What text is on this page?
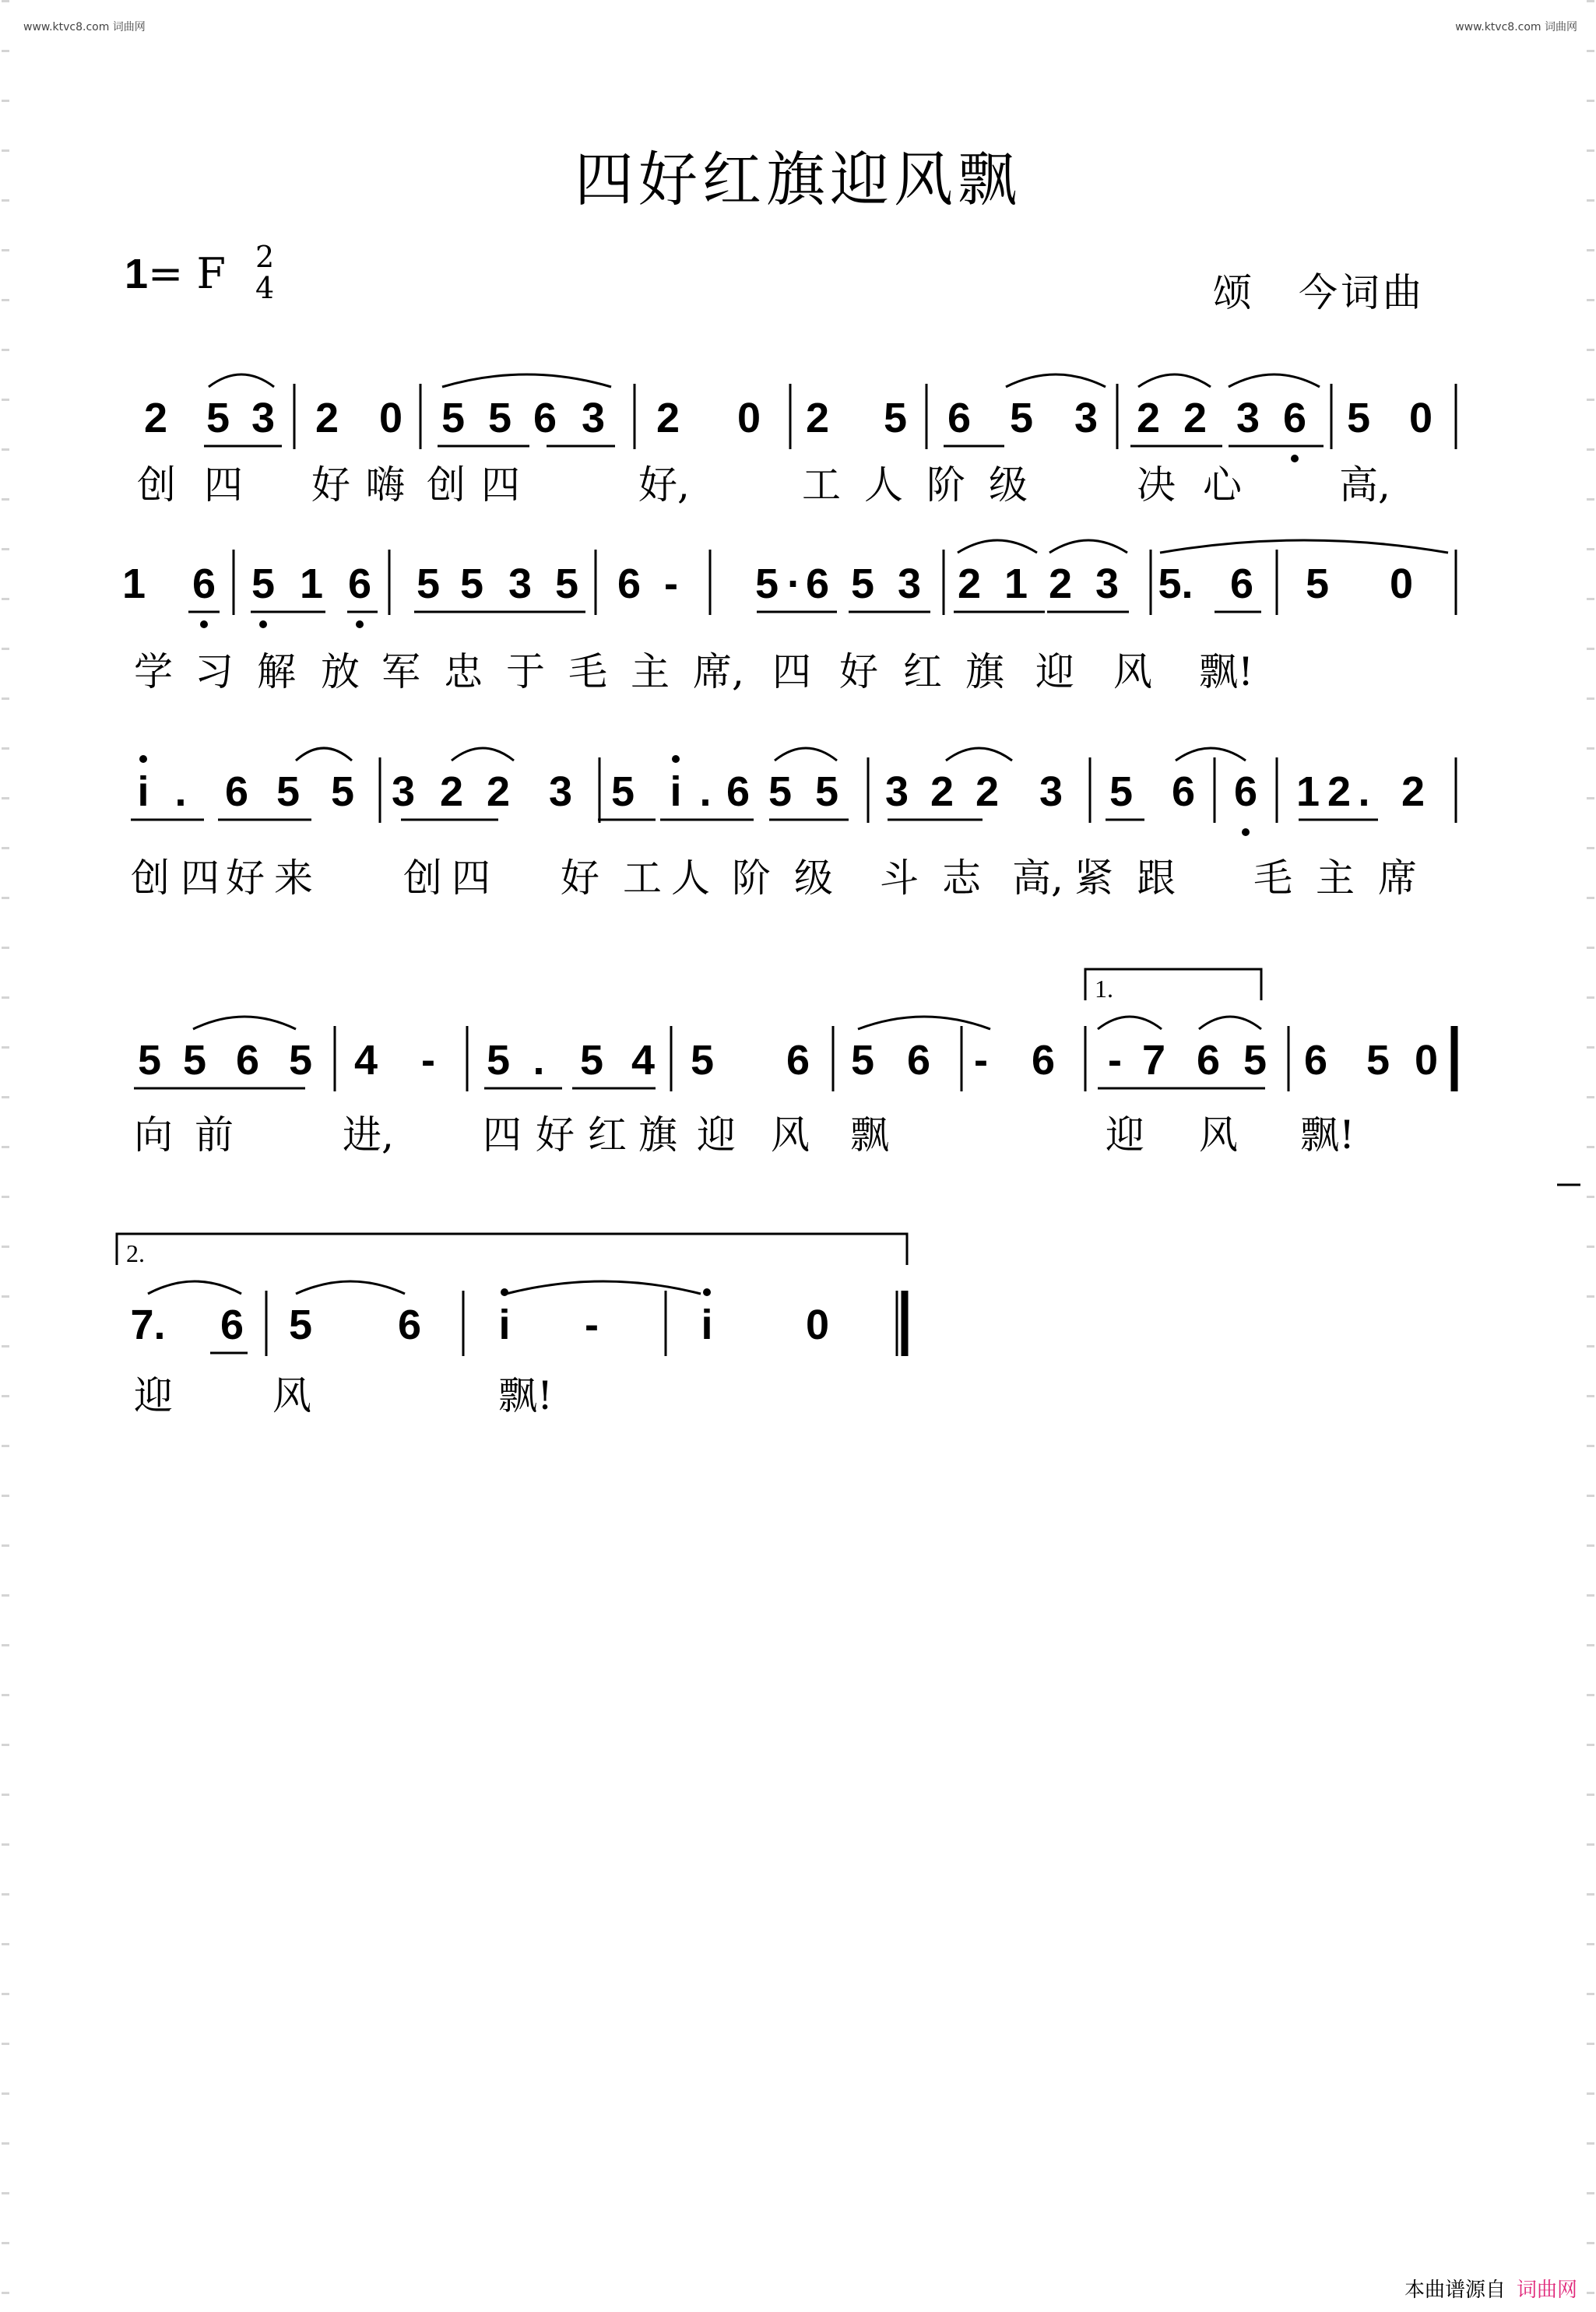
www.ktvc8.com 词曲网	www.ktvc8.com 词曲网
四好红旗迎风飘
1= F 2
4	颂 今词曲
2 5 3 2 0 5 5 6 3 2 0 2 5 6 5 3 2 2 3 6 5 0
创 四 好 嗨 创 四	好,	工 人 阶 级	决 心	高,
1 6 5 1 6 5 5 3 5 6 - 5 · 6 5 3 2 1 2 3 5. 6 5 0
学 习 解 放 军 忠 于 毛 主 席, 四 好 红 旗 迎 风 飘!
i . 6 5 5 3 2 2 3 5 i . 6 5 5 3 2 2 3 5 6 6 1 2 . 2
创 四 好 来 创 四 好 工 人 阶 级 斗 志 高, 紧 跟 毛 主 席
5 5 6 5 4 - 5 . 5 4 5 6 5 6 - 6 - 7 6 5 6 5 0
向 前	进, 四 好 红 旗 迎 风 飘	迎 风 飘!
1.
7. 6 5 6 i - i 0
迎	风	飘!
2.
本曲谱源自 词曲网
